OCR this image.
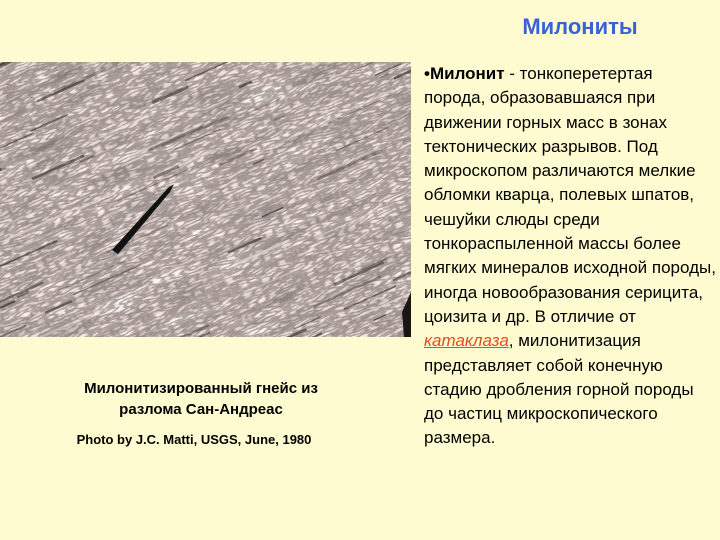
Милониты
Милонитизированный гнейс из
разлома Сан-Андреас
Photo by J.C. Matti, USGS, June, 1980
•Милонит - тонкоперетертая порода, образовавшаяся при движении горных масс в зонах тектонических разрывов. Под микроскопом различаются мелкие обломки кварца, полевых шпатов, чешуйки слюды среди тонкораспыленной массы более мягких минералов исходной породы, иногда новообразования серицита, цоизита и др. В отличие от катаклаза, милонитизация представляет собой конечную стадию дробления горной породы до частиц микроскопического размера.
